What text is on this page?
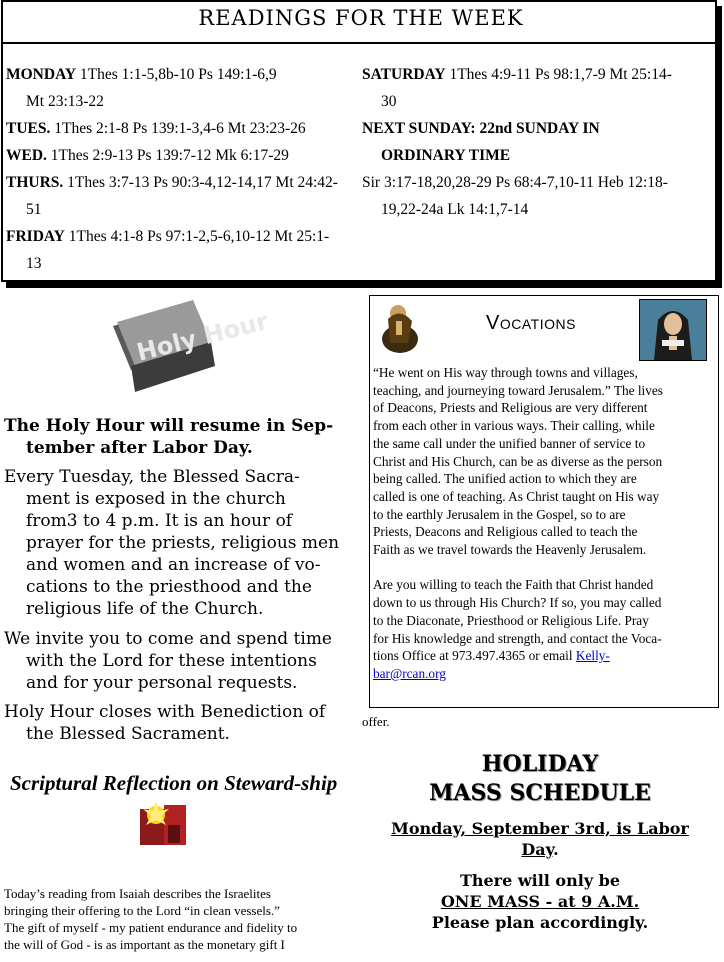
READINGS FOR THE WEEK
MONDAY 1Thes 1:1-5,8b-10 Ps 149:1-6,9
Mt 23:13-22
TUES. 1Thes 2:1-8 Ps 139:1-3,4-6 Mt 23:23-26
WED. 1Thes 2:9-13 Ps 139:7-12 Mk 6:17-29
THURS. 1Thes 3:7-13 Ps 90:3-4,12-14,17 Mt 24:42-
51
FRIDAY 1Thes 4:1-8 Ps 97:1-2,5-6,10-12 Mt 25:1-
13
SATURDAY 1Thes 4:9-11 Ps 98:1,7-9 Mt 25:14-
30
NEXT SUNDAY: 22nd SUNDAY IN
ORDINARY TIME
Sir 3:17-18,20,28-29 Ps 68:4-7,10-11 Heb 12:18-
19,22-24a Lk 14:1,7-14
Holy Hour
The Holy Hour will resume in Sep-
tember after Labor Day.
Every Tuesday, the Blessed Sacra-
ment is exposed in the church
from3 to 4 p.m. It is an hour of
prayer for the priests, religious men
and women and an increase of vo-
cations to the priesthood and the
religious life of the Church.
We invite you to come and spend time
with the Lord for these intentions
and for your personal requests.
Holy Hour closes with Benediction of
the Blessed Sacrament.
Scriptural Reflection on Steward-ship
Today’s reading from Isaiah describes the Israelites
bringing their offering to the Lord “in clean vessels.”
The gift of myself - my patient endurance and fidelity to
the will of God - is as important as the monetary gift I
Vocations
“He went on His way through towns and villages,
teaching, and journeying toward Jerusalem.” The lives
of Deacons, Priests and Religious are very different
from each other in various ways. Their calling, while
the same call under the unified banner of service to
Christ and His Church, can be as diverse as the person
being called. The unified action to which they are
called is one of teaching. As Christ taught on His way
to the earthly Jerusalem in the Gospel, so to are
Priests, Deacons and Religious called to teach the
Faith as we travel towards the Heavenly Jerusalem.
Are you willing to teach the Faith that Christ handed
down to us through His Church? If so, you may called
to the Diaconate, Priesthood or Religious Life. Pray
for His knowledge and strength, and contact the Voca-
tions Office at 973.497.4365 or email Kelly-
bar@rcan.org
offer.
HOLIDAY
MASS SCHEDULE
Monday, September 3rd, is Labor
Day.
There will only be
ONE MASS - at 9 A.M.
Please plan accordingly.
